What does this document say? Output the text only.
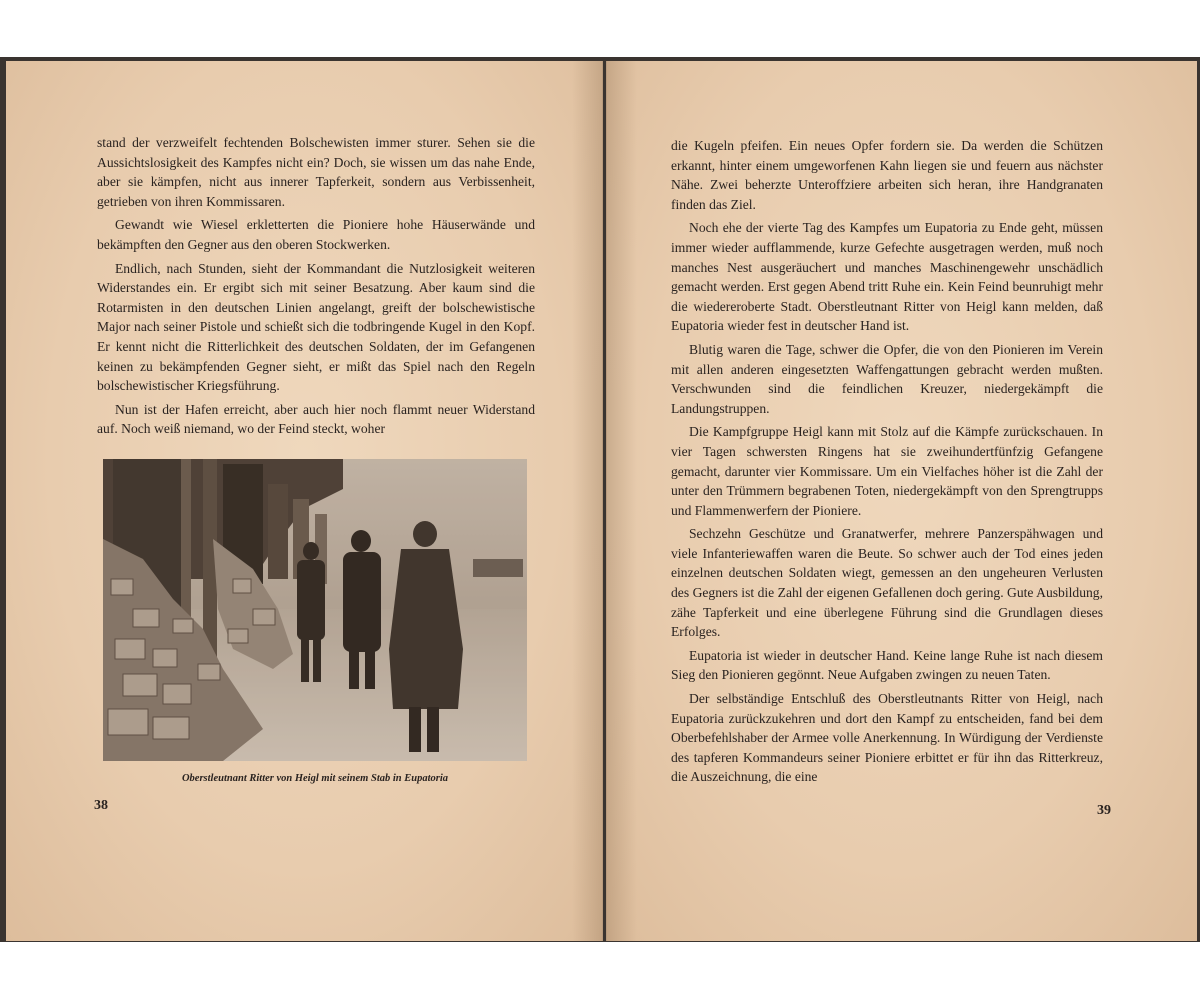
stand der verzweifelt fechtenden Bolschewisten immer sturer. Sehen sie die Aussichtslosigkeit des Kampfes nicht ein? Doch, sie wissen um das nahe Ende, aber sie kämpfen, nicht aus innerer Tapferkeit, sondern aus Verbissenheit, getrieben von ihren Kommissaren.

Gewandt wie Wiesel erkletterten die Pioniere hohe Häuserwände und bekämpften den Gegner aus den oberen Stockwerken.

Endlich, nach Stunden, sieht der Kommandant die Nutzlosigkeit weiteren Widerstandes ein. Er ergibt sich mit seiner Besatzung. Aber kaum sind die Rotarmisten in den deutschen Linien angelangt, greift der bolschewistische Major nach seiner Pistole und schießt sich die todbringende Kugel in den Kopf. Er kennt nicht die Ritterlichkeit des deutschen Soldaten, der im Gefangenen keinen zu bekämpfenden Gegner sieht, er mißt das Spiel nach den Regeln bolschewistischer Kriegsführung.

Nun ist der Hafen erreicht, aber auch hier noch flammt neuer Widerstand auf. Noch weiß niemand, wo der Feind steckt, woher

Oberstleutnant Ritter von Heigl mit seinem Stab in Eupatoria
38

die Kugeln pfeifen. Ein neues Opfer fordern sie. Da werden die Schützen erkannt, hinter einem umgeworfenen Kahn liegen sie und feuern aus nächster Nähe. Zwei beherzte Unteroffziere arbeiten sich heran, ihre Handgranaten finden das Ziel.

Noch ehe der vierte Tag des Kampfes um Eupatoria zu Ende geht, müssen immer wieder aufflammende, kurze Gefechte ausgetragen werden, muß noch manches Nest ausgeräuchert und manches Maschinengewehr unschädlich gemacht werden. Erst gegen Abend tritt Ruhe ein. Kein Feind beunruhigt mehr die wiedereroberte Stadt. Oberstleutnant Ritter von Heigl kann melden, daß Eupatoria wieder fest in deutscher Hand ist.

Blutig waren die Tage, schwer die Opfer, die von den Pionieren im Verein mit allen anderen eingesetzten Waffengattungen gebracht werden mußten. Verschwunden sind die feindlichen Kreuzer, niedergekämpft die Landungstruppen.

Die Kampfgruppe Heigl kann mit Stolz auf die Kämpfe zurückschauen. In vier Tagen schwersten Ringens hat sie zweihundertfünfzig Gefangene gemacht, darunter vier Kommissare. Um ein Vielfaches höher ist die Zahl der unter den Trümmern begrabenen Toten, niedergekämpft von den Sprengtrupps und Flammenwerfern der Pioniere.

Sechzehn Geschütze und Granatwerfer, mehrere Panzerspähwagen und viele Infanteriewaffen waren die Beute. So schwer auch der Tod eines jeden einzelnen deutschen Soldaten wiegt, gemessen an den ungeheuren Verlusten des Gegners ist die Zahl der eigenen Gefallenen doch gering. Gute Ausbildung, zähe Tapferkeit und eine überlegene Führung sind die Grundlagen dieses Erfolges.

Eupatoria ist wieder in deutscher Hand. Keine lange Ruhe ist nach diesem Sieg den Pionieren gegönnt. Neue Aufgaben zwingen zu neuen Taten.

Der selbständige Entschluß des Oberstleutnants Ritter von Heigl, nach Eupatoria zurückzukehren und dort den Kampf zu entscheiden, fand bei dem Oberbefehlshaber der Armee volle Anerkennung. In Würdigung der Verdienste des tapferen Kommandeurs seiner Pioniere erbittet er für ihn das Ritterkreuz, die Auszeichnung, die eine

39
